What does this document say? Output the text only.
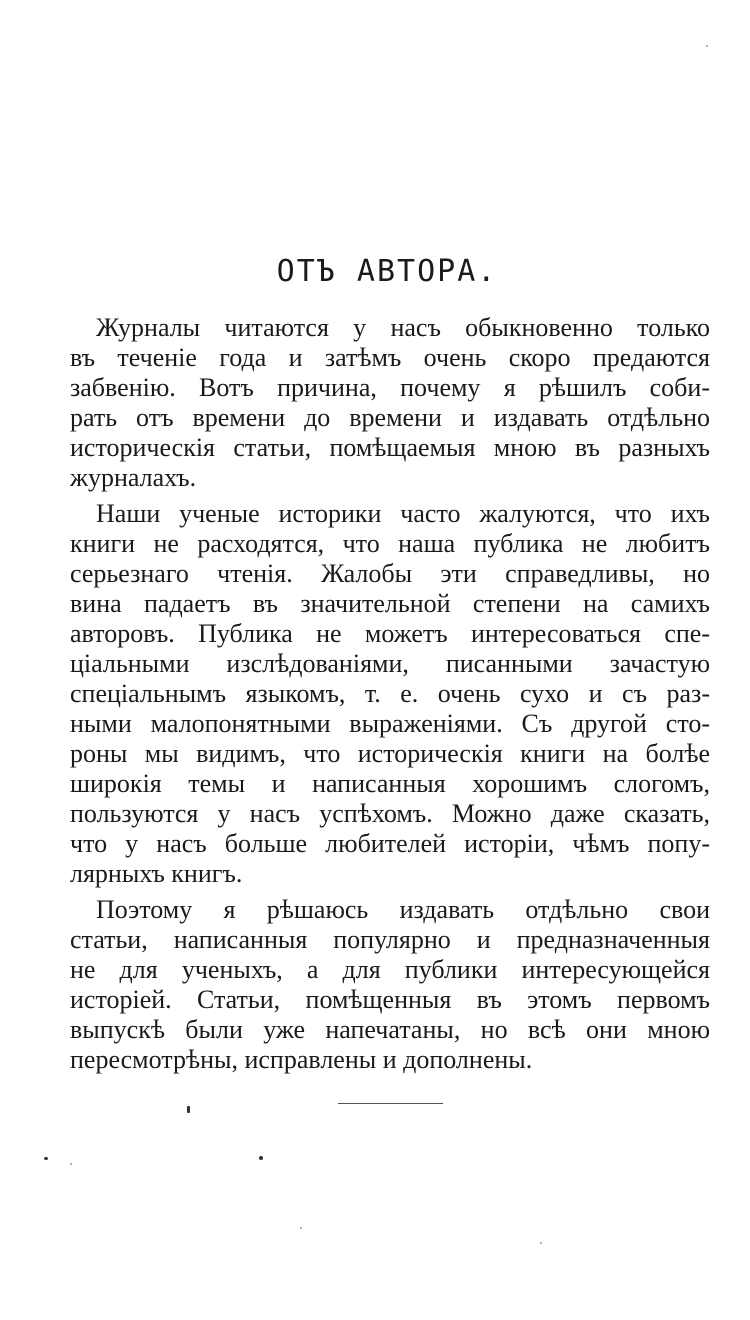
ОТЪ АВТОРА.
Журналы читаются у насъ обыкновенно только
въ теченіе года и затѣмъ очень скоро предаются
забвенію. Вотъ причина, почему я рѣшилъ соби-
рать отъ времени до времени и издавать отдѣльно
историческія статьи, помѣщаемыя мною въ разныхъ
журналахъ.
Наши ученые историки часто жалуются, что ихъ
книги не расходятся, что наша публика не любитъ
серьезнаго чтенія. Жалобы эти справедливы, но
вина падаетъ въ значительной степени на самихъ
авторовъ. Публика не можетъ интересоваться спе-
ціальными изслѣдованіями, писанными зачастую
спеціальнымъ языкомъ, т. е. очень сухо и съ раз-
ными малопонятными выраженіями. Съ другой сто-
роны мы видимъ, что историческія книги на болѣе
широкія темы и написанныя хорошимъ слогомъ,
пользуются у насъ успѣхомъ. Можно даже сказать,
что у насъ больше любителей исторіи, чѣмъ попу-
лярныхъ книгъ.
Поэтому я рѣшаюсь издавать отдѣльно свои
статьи, написанныя популярно и предназначенныя
не для ученыхъ, а для публики интересующейся
исторіей. Статьи, помѣщенныя въ этомъ первомъ
выпускѣ были уже напечатаны, но всѣ они мною
пересмотрѣны, исправлены и дополнены.
